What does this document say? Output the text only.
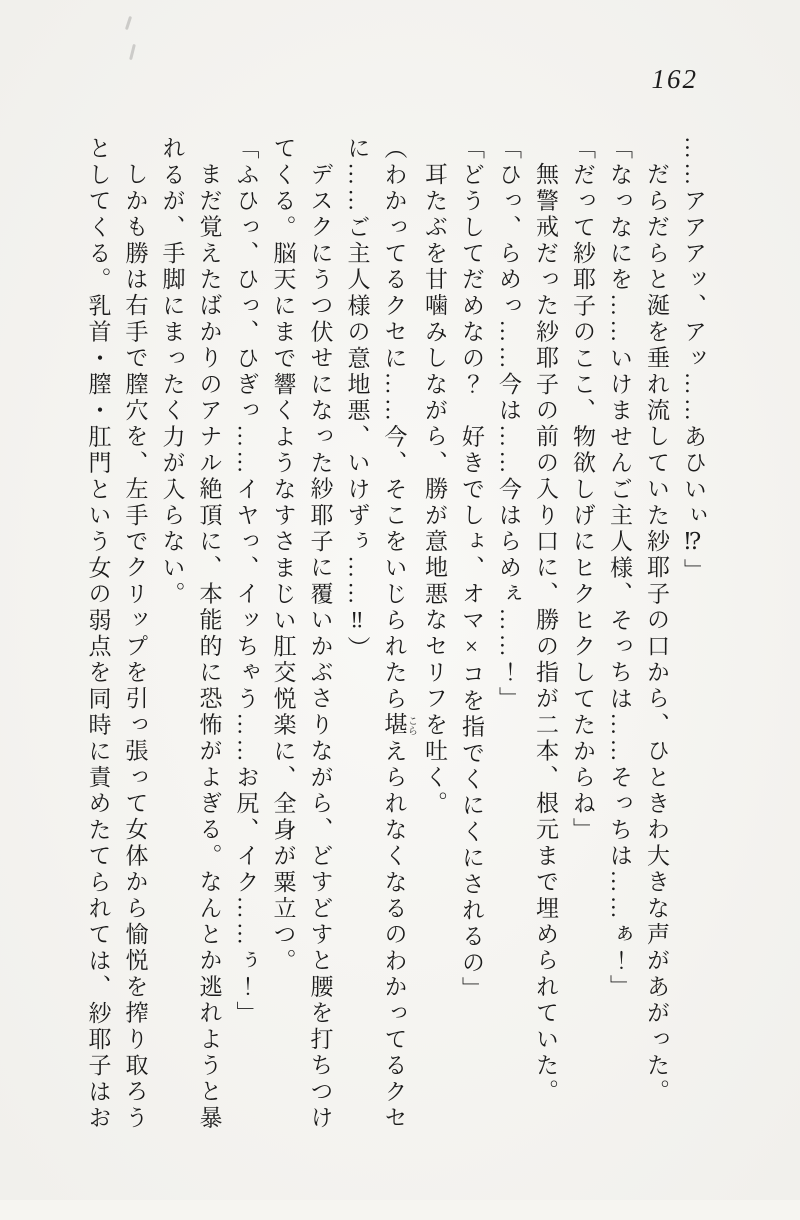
162
……アアアッ、アッ……あひいぃ⁉」
だらだらと涎を垂れ流していた紗耶子の口から、ひときわ大きな声があがった。
「なっなにを……いけませんご主人様、そっちは……そっちは……ぁ！」
「だって紗耶子のここ、物欲しげにヒクヒクしてたからね」
無警戒だった紗耶子の前の入り口に、勝の指が二本、根元まで埋められていた。
「ひっ、らめっ……今は……今はらめぇ……！」
「どうしてだめなの？　好きでしょ、オマ×コを指でくにくにされるの」
耳たぶを甘噛みしながら、勝が意地悪なセリフを吐く。
（わかってるクセに……今、そこをいじられたら堪 こらえられなくなるのわかってるクセ
に……ご主人様の意地悪、いけずぅ……‼）
デスクにうつ伏せになった紗耶子に覆いかぶさりながら、どすどすと腰を打ちつけ
てくる。脳天にまで響くようなすさまじい肛交悦楽に、全身が粟立つ。
「ふひっ、ひっ、ひぎっ……イヤっ、イッちゃう……お尻、イク……ぅ！」
まだ覚えたばかりのアナル絶頂に、本能的に恐怖がよぎる。なんとか逃れようと暴
れるが、手脚にまったく力が入らない。
しかも勝は右手で膣穴を、左手でクリップを引っ張って女体から愉悦を搾り取ろう
としてくる。乳首・膣・肛門という女の弱点を同時に責めたてられては、紗耶子はお
